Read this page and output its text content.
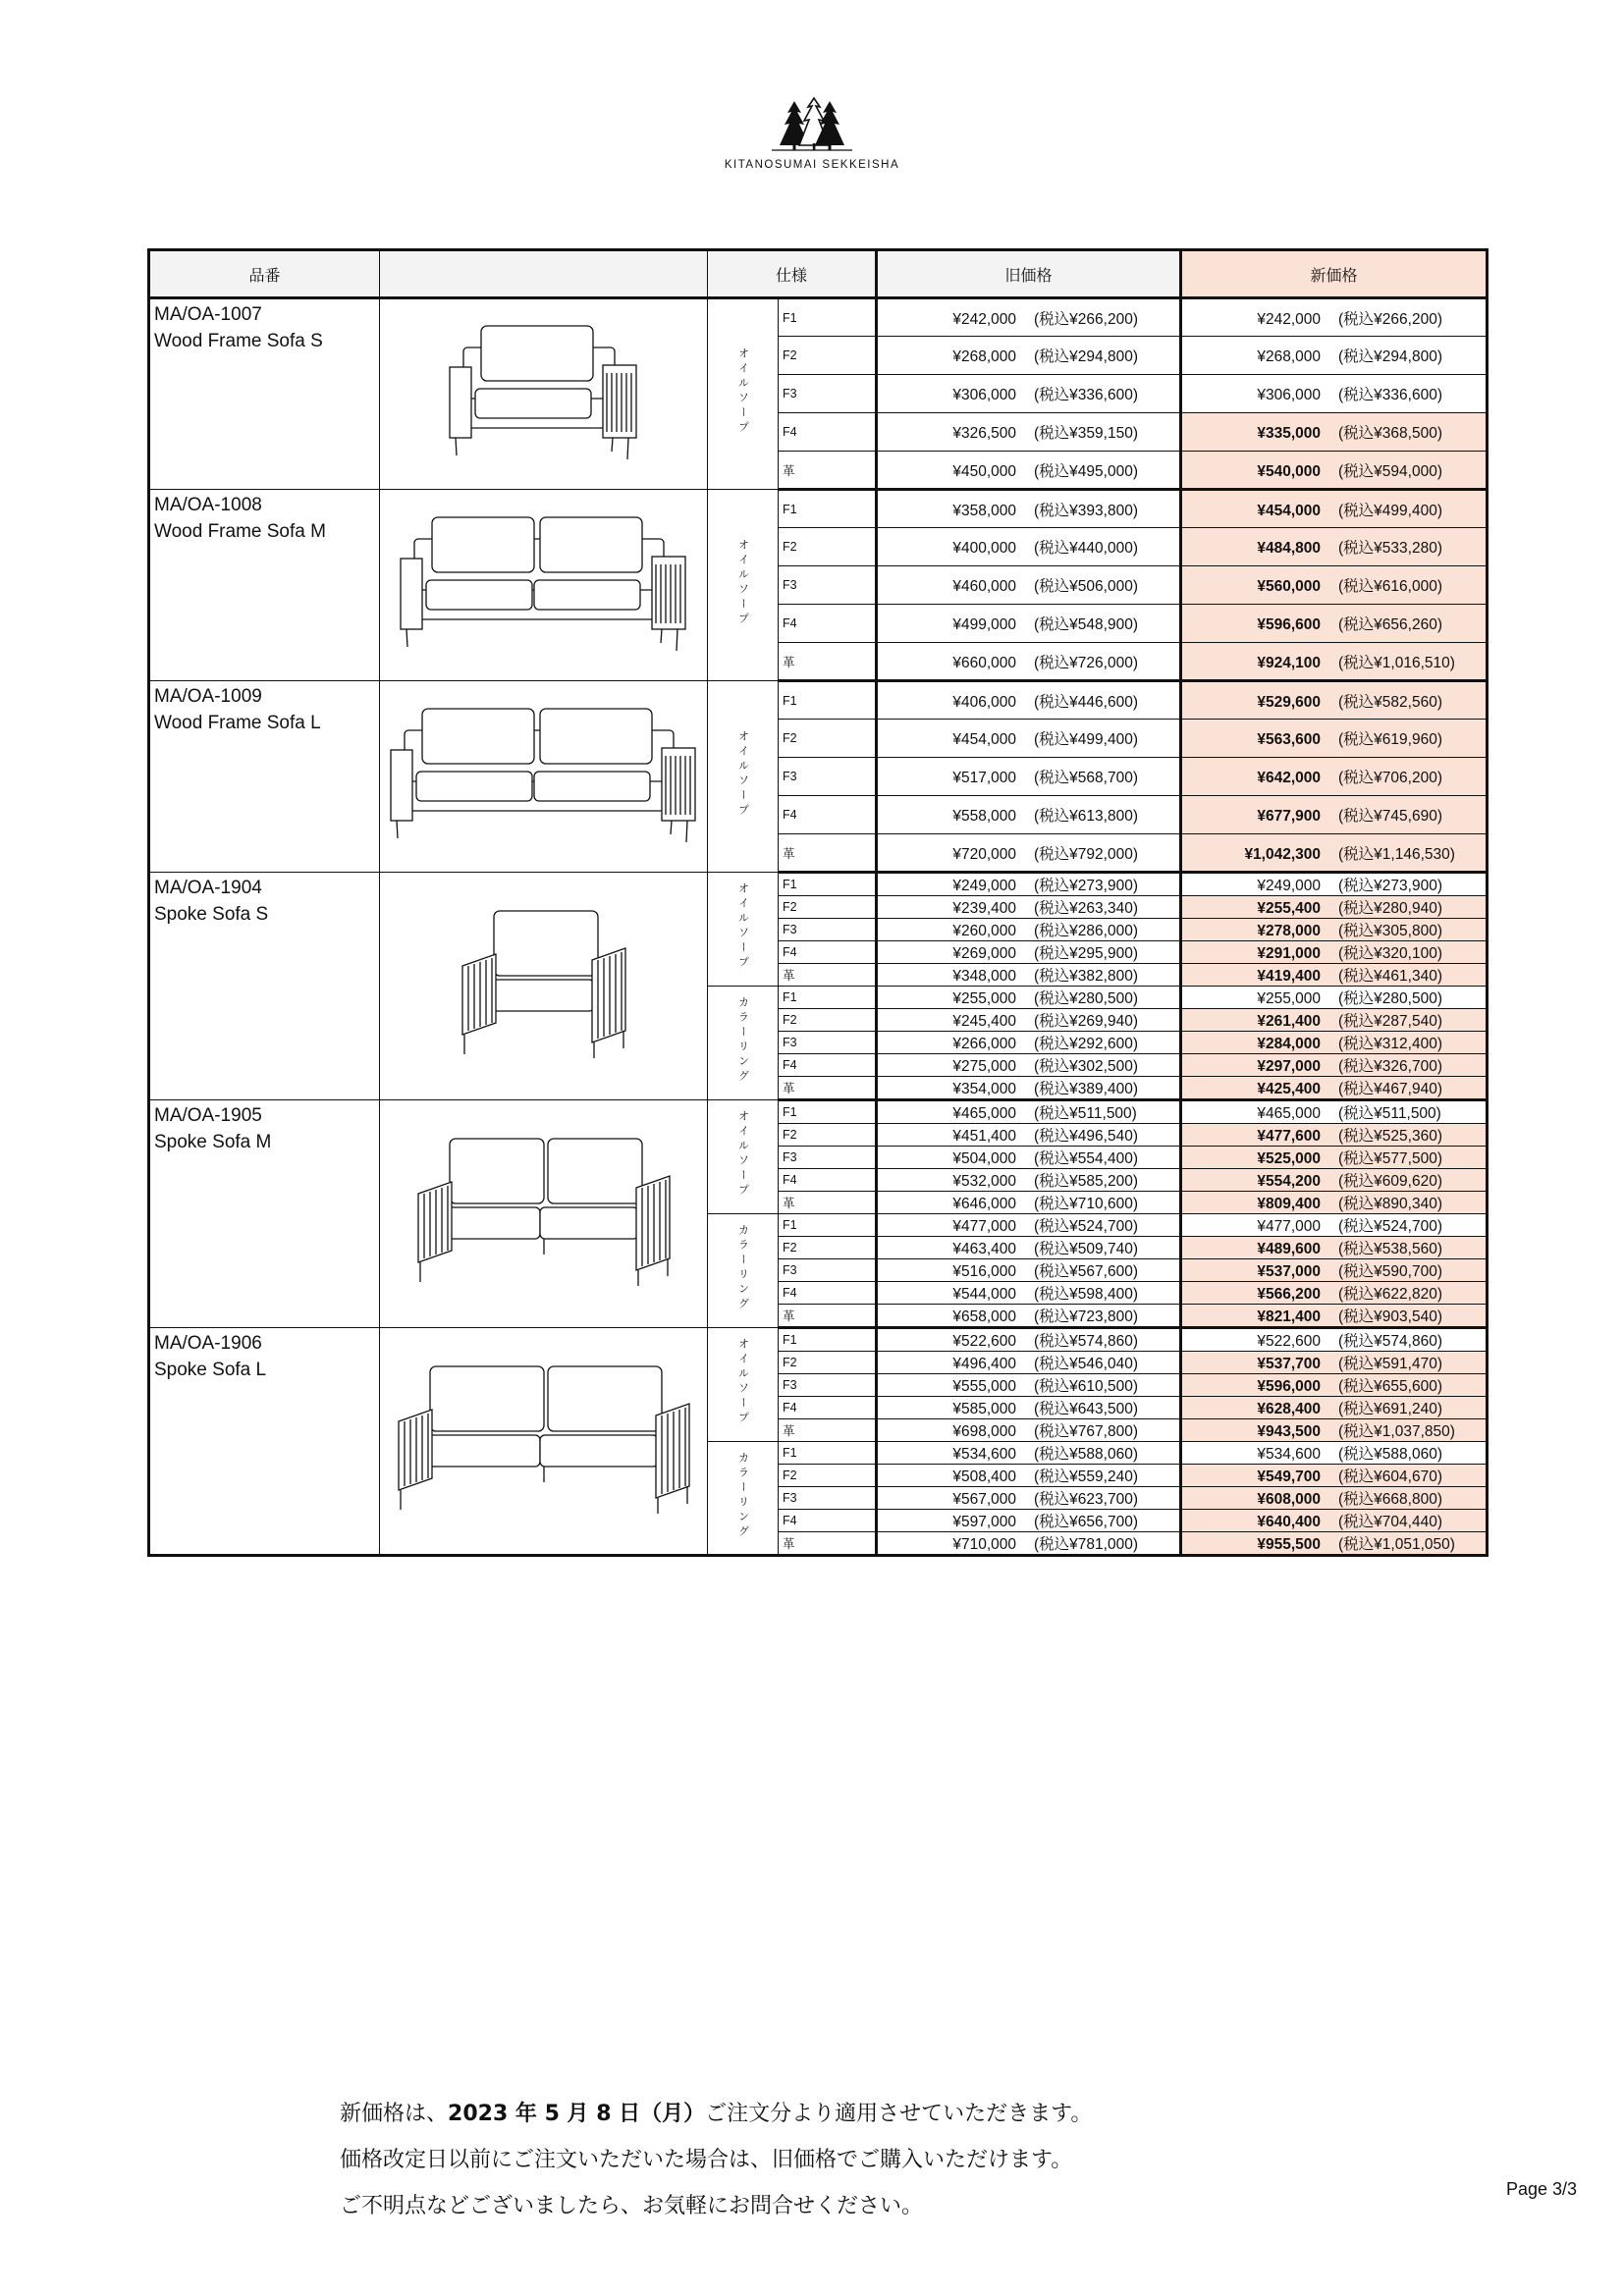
KITANOSUMAI SEKKEISHA
品番		仕様		旧価格	新価格

MA/OA-1007
Wood Frame Sofa S		オイルソープ	F1	¥242,000 (税込¥266,200)	¥242,000 (税込¥266,200)
			F2	¥268,000 (税込¥294,800)	¥268,000 (税込¥294,800)
			F3	¥306,000 (税込¥336,600)	¥306,000 (税込¥336,600)
			F4	¥326,500 (税込¥359,150)	¥335,000 (税込¥368,500)
			革	¥450,000 (税込¥495,000)	¥540,000 (税込¥594,000)

MA/OA-1008
Wood Frame Sofa M		オイルソープ	F1	¥358,000 (税込¥393,800)	¥454,000 (税込¥499,400)
			F2	¥400,000 (税込¥440,000)	¥484,800 (税込¥533,280)
			F3	¥460,000 (税込¥506,000)	¥560,000 (税込¥616,000)
			F4	¥499,000 (税込¥548,900)	¥596,600 (税込¥656,260)
			革	¥660,000 (税込¥726,000)	¥924,100 (税込¥1,016,510)

MA/OA-1009
Wood Frame Sofa L		オイルソープ	F1	¥406,000 (税込¥446,600)	¥529,600 (税込¥582,560)
			F2	¥454,000 (税込¥499,400)	¥563,600 (税込¥619,960)
			F3	¥517,000 (税込¥568,700)	¥642,000 (税込¥706,200)
			F4	¥558,000 (税込¥613,800)	¥677,900 (税込¥745,690)
			革	¥720,000 (税込¥792,000)	¥1,042,300 (税込¥1,146,530)

MA/OA-1904
Spoke Sofa S		オイルソープ	F1	¥249,000 (税込¥273,900)	¥249,000 (税込¥273,900)
			F2	¥239,400 (税込¥263,340)	¥255,400 (税込¥280,940)
			F3	¥260,000 (税込¥286,000)	¥278,000 (税込¥305,800)
			F4	¥269,000 (税込¥295,900)	¥291,000 (税込¥320,100)
			革	¥348,000 (税込¥382,800)	¥419,400 (税込¥461,340)
		カラーリング	F1	¥255,000 (税込¥280,500)	¥255,000 (税込¥280,500)
			F2	¥245,400 (税込¥269,940)	¥261,400 (税込¥287,540)
			F3	¥266,000 (税込¥292,600)	¥284,000 (税込¥312,400)
			F4	¥275,000 (税込¥302,500)	¥297,000 (税込¥326,700)
			革	¥354,000 (税込¥389,400)	¥425,400 (税込¥467,940)

MA/OA-1905
Spoke Sofa M		オイルソープ	F1	¥465,000 (税込¥511,500)	¥465,000 (税込¥511,500)
			F2	¥451,400 (税込¥496,540)	¥477,600 (税込¥525,360)
			F3	¥504,000 (税込¥554,400)	¥525,000 (税込¥577,500)
			F4	¥532,000 (税込¥585,200)	¥554,200 (税込¥609,620)
			革	¥646,000 (税込¥710,600)	¥809,400 (税込¥890,340)
		カラーリング	F1	¥477,000 (税込¥524,700)	¥477,000 (税込¥524,700)
			F2	¥463,400 (税込¥509,740)	¥489,600 (税込¥538,560)
			F3	¥516,000 (税込¥567,600)	¥537,000 (税込¥590,700)
			F4	¥544,000 (税込¥598,400)	¥566,200 (税込¥622,820)
			革	¥658,000 (税込¥723,800)	¥821,400 (税込¥903,540)

MA/OA-1906
Spoke Sofa L		オイルソープ	F1	¥522,600 (税込¥574,860)	¥522,600 (税込¥574,860)
			F2	¥496,400 (税込¥546,040)	¥537,700 (税込¥591,470)
			F3	¥555,000 (税込¥610,500)	¥596,000 (税込¥655,600)
			F4	¥585,000 (税込¥643,500)	¥628,400 (税込¥691,240)
			革	¥698,000 (税込¥767,800)	¥943,500 (税込¥1,037,850)
		カラーリング	F1	¥534,600 (税込¥588,060)	¥534,600 (税込¥588,060)
			F2	¥508,400 (税込¥559,240)	¥549,700 (税込¥604,670)
			F3	¥567,000 (税込¥623,700)	¥608,000 (税込¥668,800)
			F4	¥597,000 (税込¥656,700)	¥640,400 (税込¥704,440)
			革	¥710,000 (税込¥781,000)	¥955,500 (税込¥1,051,050)
新価格は、2023 年 5 月 8 日（月）ご注文分より適用させていただきます。
価格改定日以前にご注文いただいた場合は、旧価格でご購入いただけます。
ご不明点などございましたら、お気軽にお問合せください。
Page 3/3
